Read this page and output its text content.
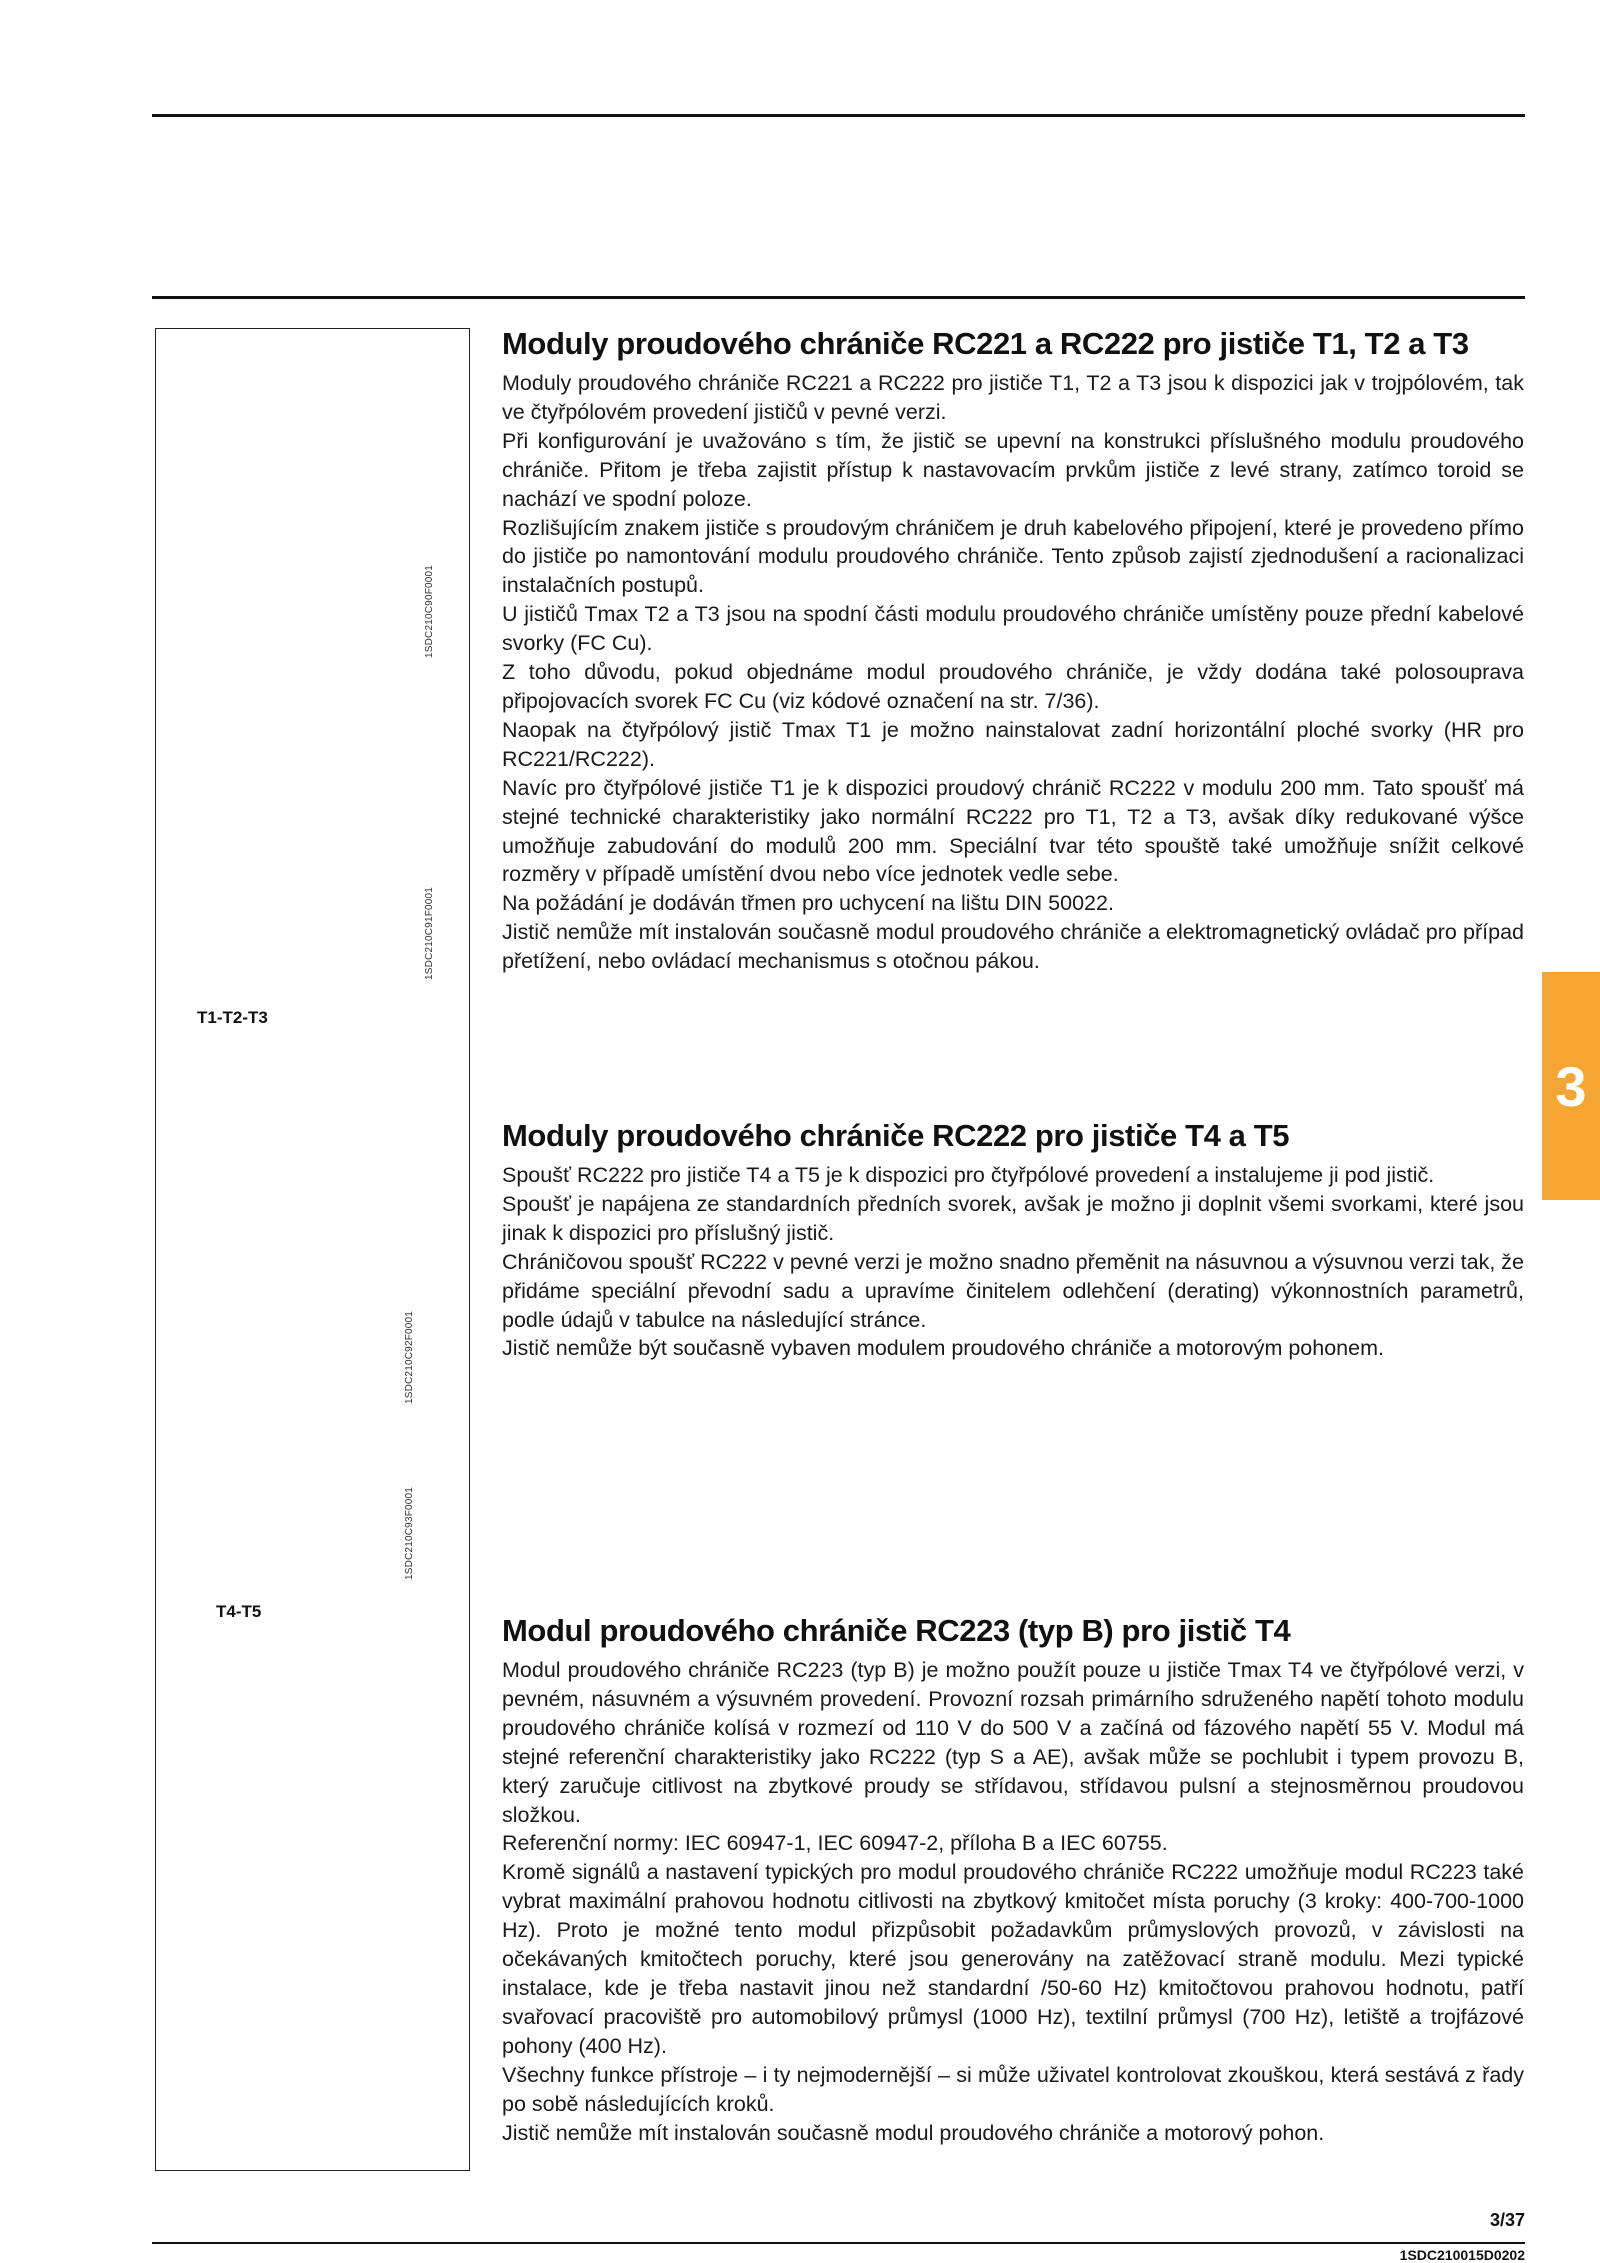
1SDC210C90F0001
1SDC210C91F0001
T1-T2-T3
1SDC210C92F0001
1SDC210C93F0001
T4-T5
Moduly proudového chrániče RC221 a RC222 pro jističe T1, T2 a T3

Moduly proudového chrániče RC221 a RC222 pro jističe T1, T2 a T3 jsou k dispozici jak v trojpólovém, tak ve čtyřpólovém provedení jističů v pevné verzi.

Při konfigurování je uvažováno s tím, že jistič se upevní na konstrukci příslušného modulu proudového chrániče. Přitom je třeba zajistit přístup k nastavovacím prvkům jističe z levé strany, zatímco toroid se nachází ve spodní poloze.

Rozlišujícím znakem jističe s proudovým chráničem je druh kabelového připojení, které je provedeno přímo do jističe po namontování modulu proudového chrániče. Tento způsob zajistí zjednodušení a racionalizaci instalačních postupů.

U jističů Tmax T2 a T3 jsou na spodní části modulu proudového chrániče umístěny pouze přední kabelové svorky (FC Cu).

Z toho důvodu, pokud objednáme modul proudového chrániče, je vždy dodána také polosouprava připojovacích svorek FC Cu (viz kódové označení na str. 7/36).

Naopak na čtyřpólový jistič Tmax T1 je možno nainstalovat zadní horizontální ploché svorky (HR pro RC221/RC222).

Navíc pro čtyřpólové jističe T1 je k dispozici proudový chránič RC222 v modulu 200 mm. Tato spoušť má stejné technické charakteristiky jako normální RC222 pro T1, T2 a T3, avšak díky redukované výšce umožňuje zabudování do modulů 200 mm. Speciální tvar této spouště také umožňuje snížit celkové rozměry v případě umístění dvou nebo více jednotek vedle sebe.

Na požádání je dodáván třmen pro uchycení na lištu DIN 50022.

Jistič nemůže mít instalován současně modul proudového chrániče a elektromagnetický ovládač pro případ přetížení, nebo ovládací mechanismus s otočnou pákou.

Moduly proudového chrániče RC222 pro jističe T4 a T5

Spoušť RC222 pro jističe T4 a T5 je k dispozici pro čtyřpólové provedení a instalujeme ji pod jistič.

Spoušť je napájena ze standardních předních svorek, avšak je možno ji doplnit všemi svorkami, které jsou jinak k dispozici pro příslušný jistič.

Chráničovou spoušť RC222 v pevné verzi je možno snadno přeměnit na násuvnou a výsuvnou verzi tak, že přidáme speciální převodní sadu a upravíme činitelem odlehčení (derating) výkonnostních parametrů, podle údajů v tabulce na následující stránce.

Jistič nemůže být současně vybaven modulem proudového chrániče a motorovým pohonem.

Modul proudového chrániče RC223 (typ B) pro jistič T4

Modul proudového chrániče RC223 (typ B) je možno použít pouze u jističe Tmax T4 ve čtyřpólové verzi, v pevném, násuvném a výsuvném provedení. Provozní rozsah primárního sdruženého napětí tohoto modulu proudového chrániče kolísá v rozmezí od 110 V do 500 V a začíná od fázového napětí 55 V. Modul má stejné referenční charakteristiky jako RC222 (typ S a AE), avšak může se pochlubit i typem provozu B, který zaručuje citlivost na zbytkové proudy se střídavou, střídavou pulsní a stejnosměrnou proudovou složkou.

Referenční normy: IEC 60947-1, IEC 60947-2, příloha B a IEC 60755.

Kromě signálů a nastavení typických pro modul proudového chrániče RC222 umožňuje modul RC223 také vybrat maximální prahovou hodnotu citlivosti na zbytkový kmitočet místa poruchy (3 kroky: 400-700-1000 Hz). Proto je možné tento modul přizpůsobit požadavkům průmyslových provozů, v závislosti na očekávaných kmitočtech poruchy, které jsou generovány na zatěžovací straně modulu. Mezi typické instalace, kde je třeba nastavit jinou než standardní /50-60 Hz) kmitočtovou prahovou hodnotu, patří svařovací pracoviště pro automobilový průmysl (1000 Hz), textilní průmysl (700 Hz), letiště a trojfázové pohony (400 Hz).

Všechny funkce přístroje – i ty nejmodernější – si může uživatel kontrolovat zkouškou, která sestává z řady po sobě následujících kroků.

Jistič nemůže mít instalován současně modul proudového chrániče a motorový pohon.

3
3/37
1SDC210015D0202
